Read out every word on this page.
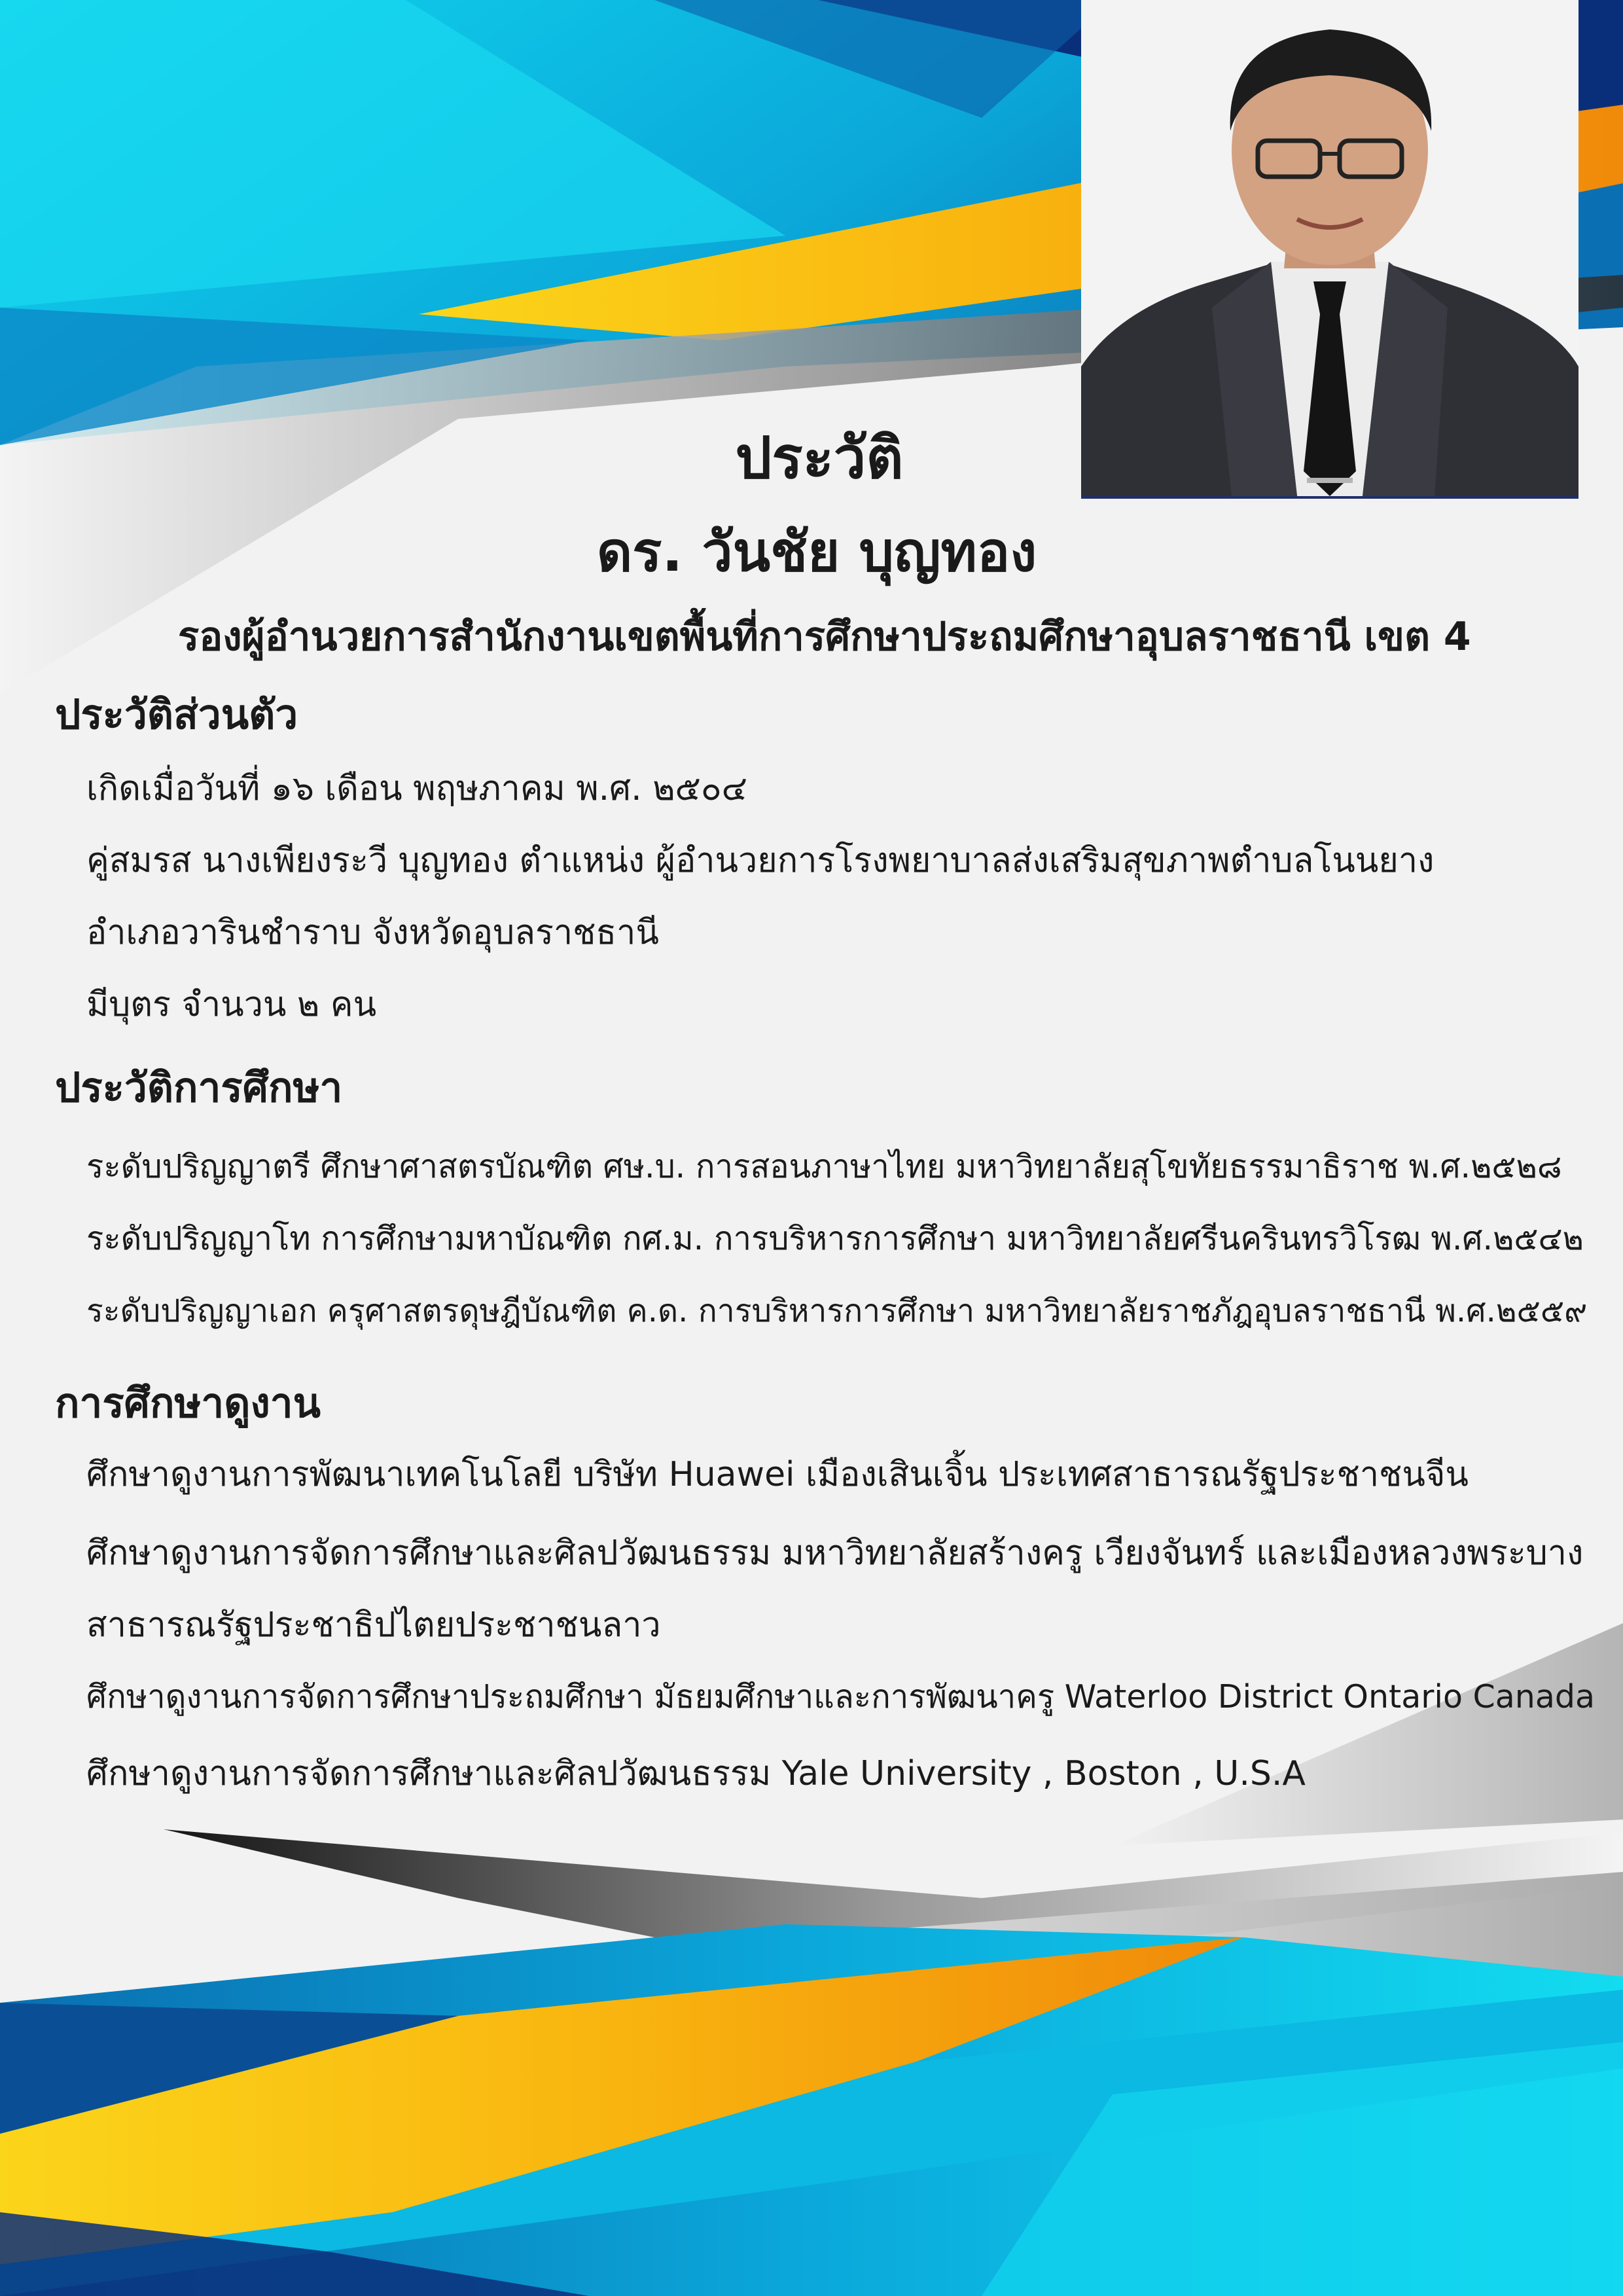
ประวัติ
ดร. วันชัย บุญทอง

รองผู้อำนวยการสำนักงานเขตพื้นที่การศึกษาประถมศึกษาอุบลราชธานี เขต 4

ประวัติส่วนตัว

เกิดเมื่อวันที่ ๑๖ เดือน พฤษภาคม พ.ศ. ๒๕๐๔

คู่สมรส นางเพียงระวี บุญทอง ตำแหน่ง ผู้อำนวยการโรงพยาบาลส่งเสริมสุขภาพตำบลโนนยาง

อำเภอวารินชำราบ จังหวัดอุบลราชธานี

มีบุตร จำนวน ๒ คน

ประวัติการศึกษา

ระดับปริญญาตรี ศึกษาศาสตรบัณฑิต ศษ.บ. การสอนภาษาไทย มหาวิทยาลัยสุโขทัยธรรมาธิราช พ.ศ.๒๕๒๘

ระดับปริญญาโท การศึกษามหาบัณฑิต กศ.ม. การบริหารการศึกษา มหาวิทยาลัยศรีนครินทรวิโรฒ พ.ศ.๒๕๔๒

ระดับปริญญาเอก ครุศาสตรดุษฎีบัณฑิต ค.ด. การบริหารการศึกษา มหาวิทยาลัยราชภัฎอุบลราชธานี พ.ศ.๒๕๕๙

การศึกษาดูงาน

ศึกษาดูงานการพัฒนาเทคโนโลยี บริษัท Huawei เมืองเสินเจิ้น ประเทศสาธารณรัฐประชาชนจีน

ศึกษาดูงานการจัดการศึกษาและศิลปวัฒนธรรม มหาวิทยาลัยสร้างครู เวียงจันทร์ และเมืองหลวงพระบาง

สาธารณรัฐประชาธิปไตยประชาชนลาว

ศึกษาดูงานการจัดการศึกษาประถมศึกษา มัธยมศึกษาและการพัฒนาครู Waterloo District Ontario Canada

ศึกษาดูงานการจัดการศึกษาและศิลปวัฒนธรรม Yale University , Boston , U.S.A
